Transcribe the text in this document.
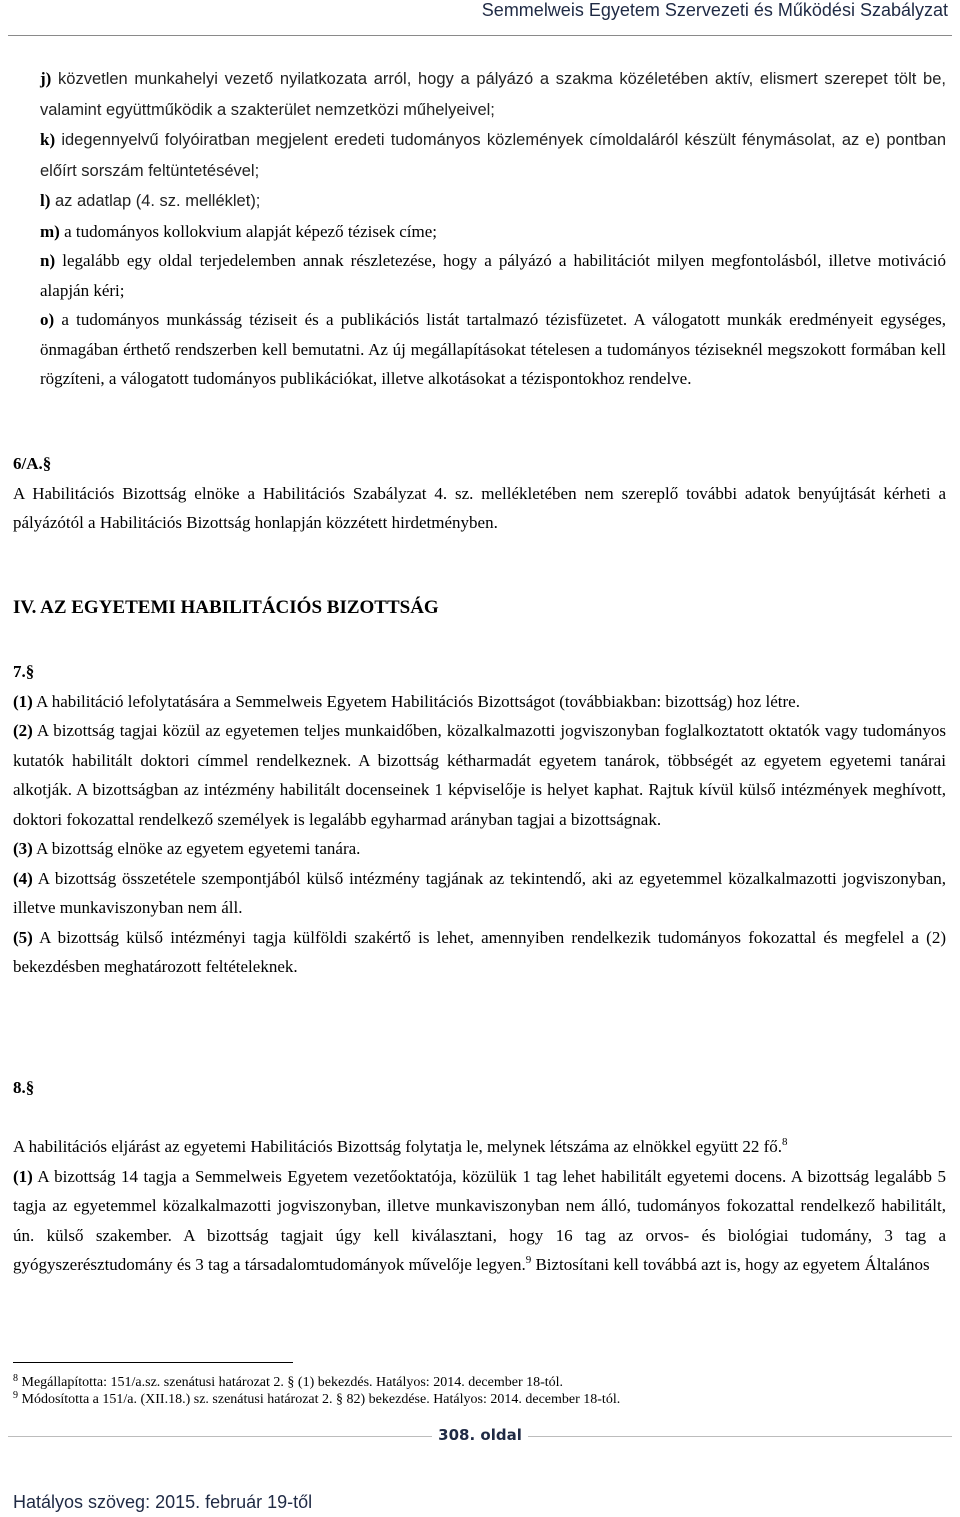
Semmelweis Egyetem Szervezeti és Működési Szabályzat

j) közvetlen munkahelyi vezető nyilatkozata arról, hogy a pályázó a szakma közéletében aktív, elismert szerepet tölt be, valamint együttműködik a szakterület nemzetközi műhelyeivel;

k) idegennyelvű folyóiratban megjelent eredeti tudományos közlemények címoldaláról készült fénymásolat, az e) pontban előírt sorszám feltüntetésével;

l) az adatlap (4. sz. melléklet);

m) a tudományos kollokvium alapját képező tézisek címe;

n) legalább egy oldal terjedelemben annak részletezése, hogy a pályázó a habilitációt milyen megfontolásból, illetve motiváció alapján kéri;

o) a tudományos munkásság téziseit és a publikációs listát tartalmazó tézisfüzetet. A válogatott munkák eredményeit egységes, önmagában érthető rendszerben kell bemutatni. Az új megállapításokat tételesen a tudományos téziseknél megszokott formában kell rögzíteni, a válogatott tudományos publikációkat, illetve alkotásokat a tézispontokhoz rendelve.

6/A.§

A Habilitációs Bizottság elnöke a Habilitációs Szabályzat 4. sz. mellékletében nem szereplő további adatok benyújtását kérheti a pályázótól a Habilitációs Bizottság honlapján közzétett hirdetményben.

IV. AZ EGYETEMI HABILITÁCIÓS BIZOTTSÁG

7.§

(1) A habilitáció lefolytatására a Semmelweis Egyetem Habilitációs Bizottságot (továbbiakban: bizottság) hoz létre.

(2) A bizottság tagjai közül az egyetemen teljes munkaidőben, közalkalmazotti jogviszonyban foglalkoztatott oktatók vagy tudományos kutatók habilitált doktori címmel rendelkeznek. A bizottság kétharmadát egyetem tanárok, többségét az egyetem egyetemi tanárai alkotják. A bizottságban az intézmény habilitált docenseinek 1 képviselője is helyet kaphat. Rajtuk kívül külső intézmények meghívott, doktori fokozattal rendelkező személyek is legalább egyharmad arányban tagjai a bizottságnak.

(3) A bizottság elnöke az egyetem egyetemi tanára.

(4) A bizottság összetétele szempontjából külső intézmény tagjának az tekintendő, aki az egyetemmel közalkalmazotti jogviszonyban, illetve munkaviszonyban nem áll.

(5) A bizottság külső intézményi tagja külföldi szakértő is lehet, amennyiben rendelkezik tudományos fokozattal és megfelel a (2) bekezdésben meghatározott feltételeknek.

8.§

A habilitációs eljárást az egyetemi Habilitációs Bizottság folytatja le, melynek létszáma az elnökkel együtt 22 fő.$^8$

(1) A bizottság 14 tagja a Semmelweis Egyetem vezetőoktatója, közülük 1 tag lehet habilitált egyetemi docens. A bizottság legalább 5 tagja az egyetemmel közalkalmazotti jogviszonyban, illetve munkaviszonyban nem álló, tudományos fokozattal rendelkező habilitált, ún. külső szakember. A bizottság tagjait úgy kell kiválasztani, hogy 16 tag az orvos- és biológiai tudomány, 3 tag a gyógyszerésztudomány és 3 tag a társadalomtudományok művelője legyen.$^9$ Biztosítani kell továbbá azt is, hogy az egyetem Általános

$^8$ Megállapította: 151/a.sz. szenátusi határozat 2. § (1) bekezdés. Hatályos: 2014. december 18-tól.

$^9$ Módosította a 151/a. (XII.18.) sz. szenátusi határozat 2. § 82) bekezdése. Hatályos: 2014. december 18-tól.

308. oldal
Hatályos szöveg: 2015. február 19-től
